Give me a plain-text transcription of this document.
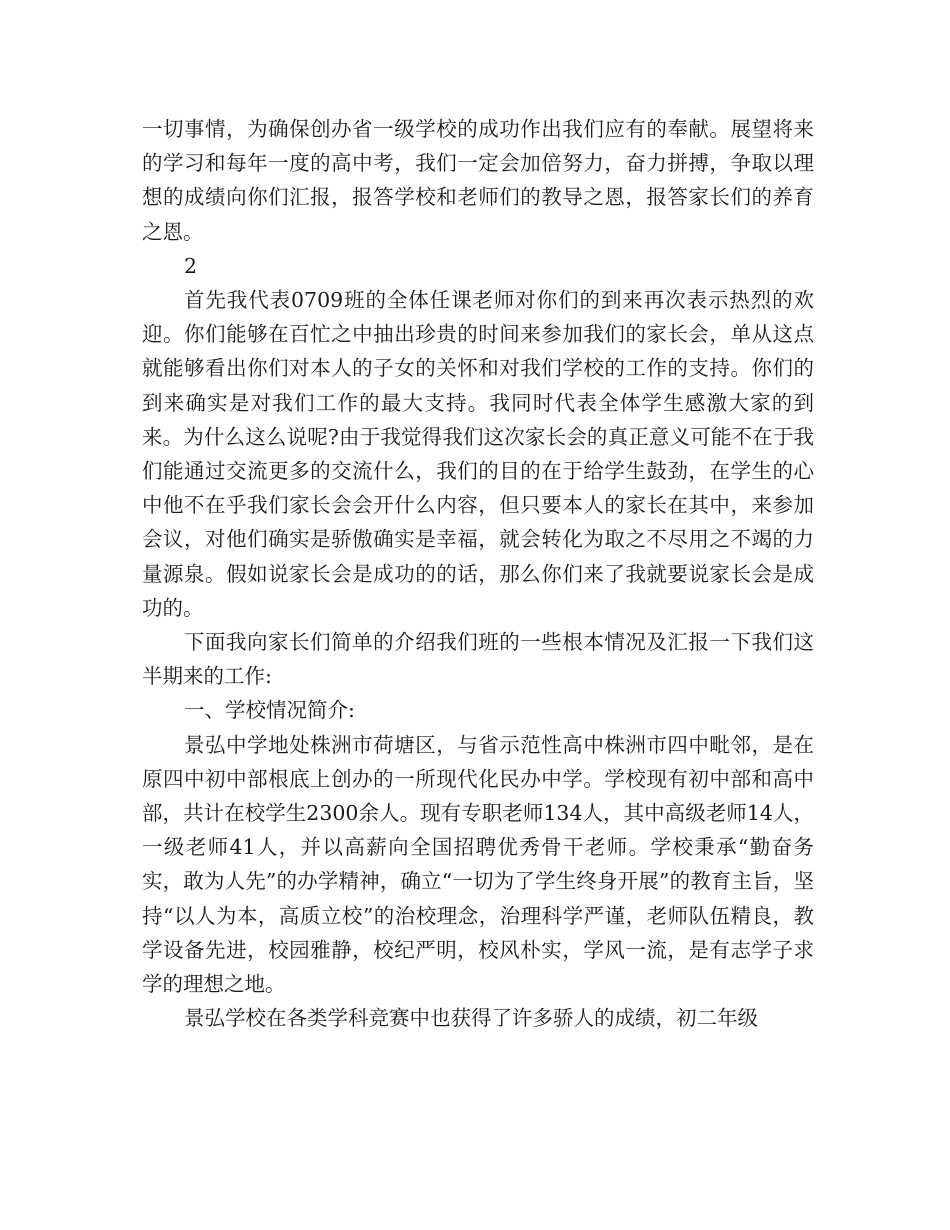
一切事情，为确保创办省一级学校的成功作出我们应有的奉献。展望将来的学习和每年一度的高中考，我们一定会加倍努力，奋力拼搏，争取以理想的成绩向你们汇报，报答学校和老师们的教导之恩，报答家长们的养育之恩。

2

首先我代表0709班的全体任课老师对你们的到来再次表示热烈的欢迎。你们能够在百忙之中抽出珍贵的时间来参加我们的家长会，单从这点就能够看出你们对本人的子女的关怀和对我们学校的工作的支持。你们的到来确实是对我们工作的最大支持。我同时代表全体学生感激大家的到来。为什么这么说呢?由于我觉得我们这次家长会的真正意义可能不在于我们能通过交流更多的交流什么，我们的目的在于给学生鼓劲，在学生的心中他不在乎我们家长会会开什么内容，但只要本人的家长在其中，来参加会议，对他们确实是骄傲确实是幸福，就会转化为取之不尽用之不竭的力量源泉。假如说家长会是成功的的话，那么你们来了我就要说家长会是成功的。

下面我向家长们简单的介绍我们班的一些根本情况及汇报一下我们这半期来的工作:

一、学校情况简介:

景弘中学地处株洲市荷塘区，与省示范性高中株洲市四中毗邻，是在原四中初中部根底上创办的一所现代化民办中学。学校现有初中部和高中部，共计在校学生2300余人。现有专职老师134人，其中高级老师14人，一级老师41人，并以高薪向全国招聘优秀骨干老师。学校秉承“勤奋务实，敢为人先”的办学精神，确立“一切为了学生终身开展”的教育主旨，坚持“以人为本，高质立校”的治校理念，治理科学严谨，老师队伍精良，教学设备先进，校园雅静，校纪严明，校风朴实，学风一流，是有志学子求学的理想之地。

景弘学校在各类学科竞赛中也获得了许多骄人的成绩，初二年级
